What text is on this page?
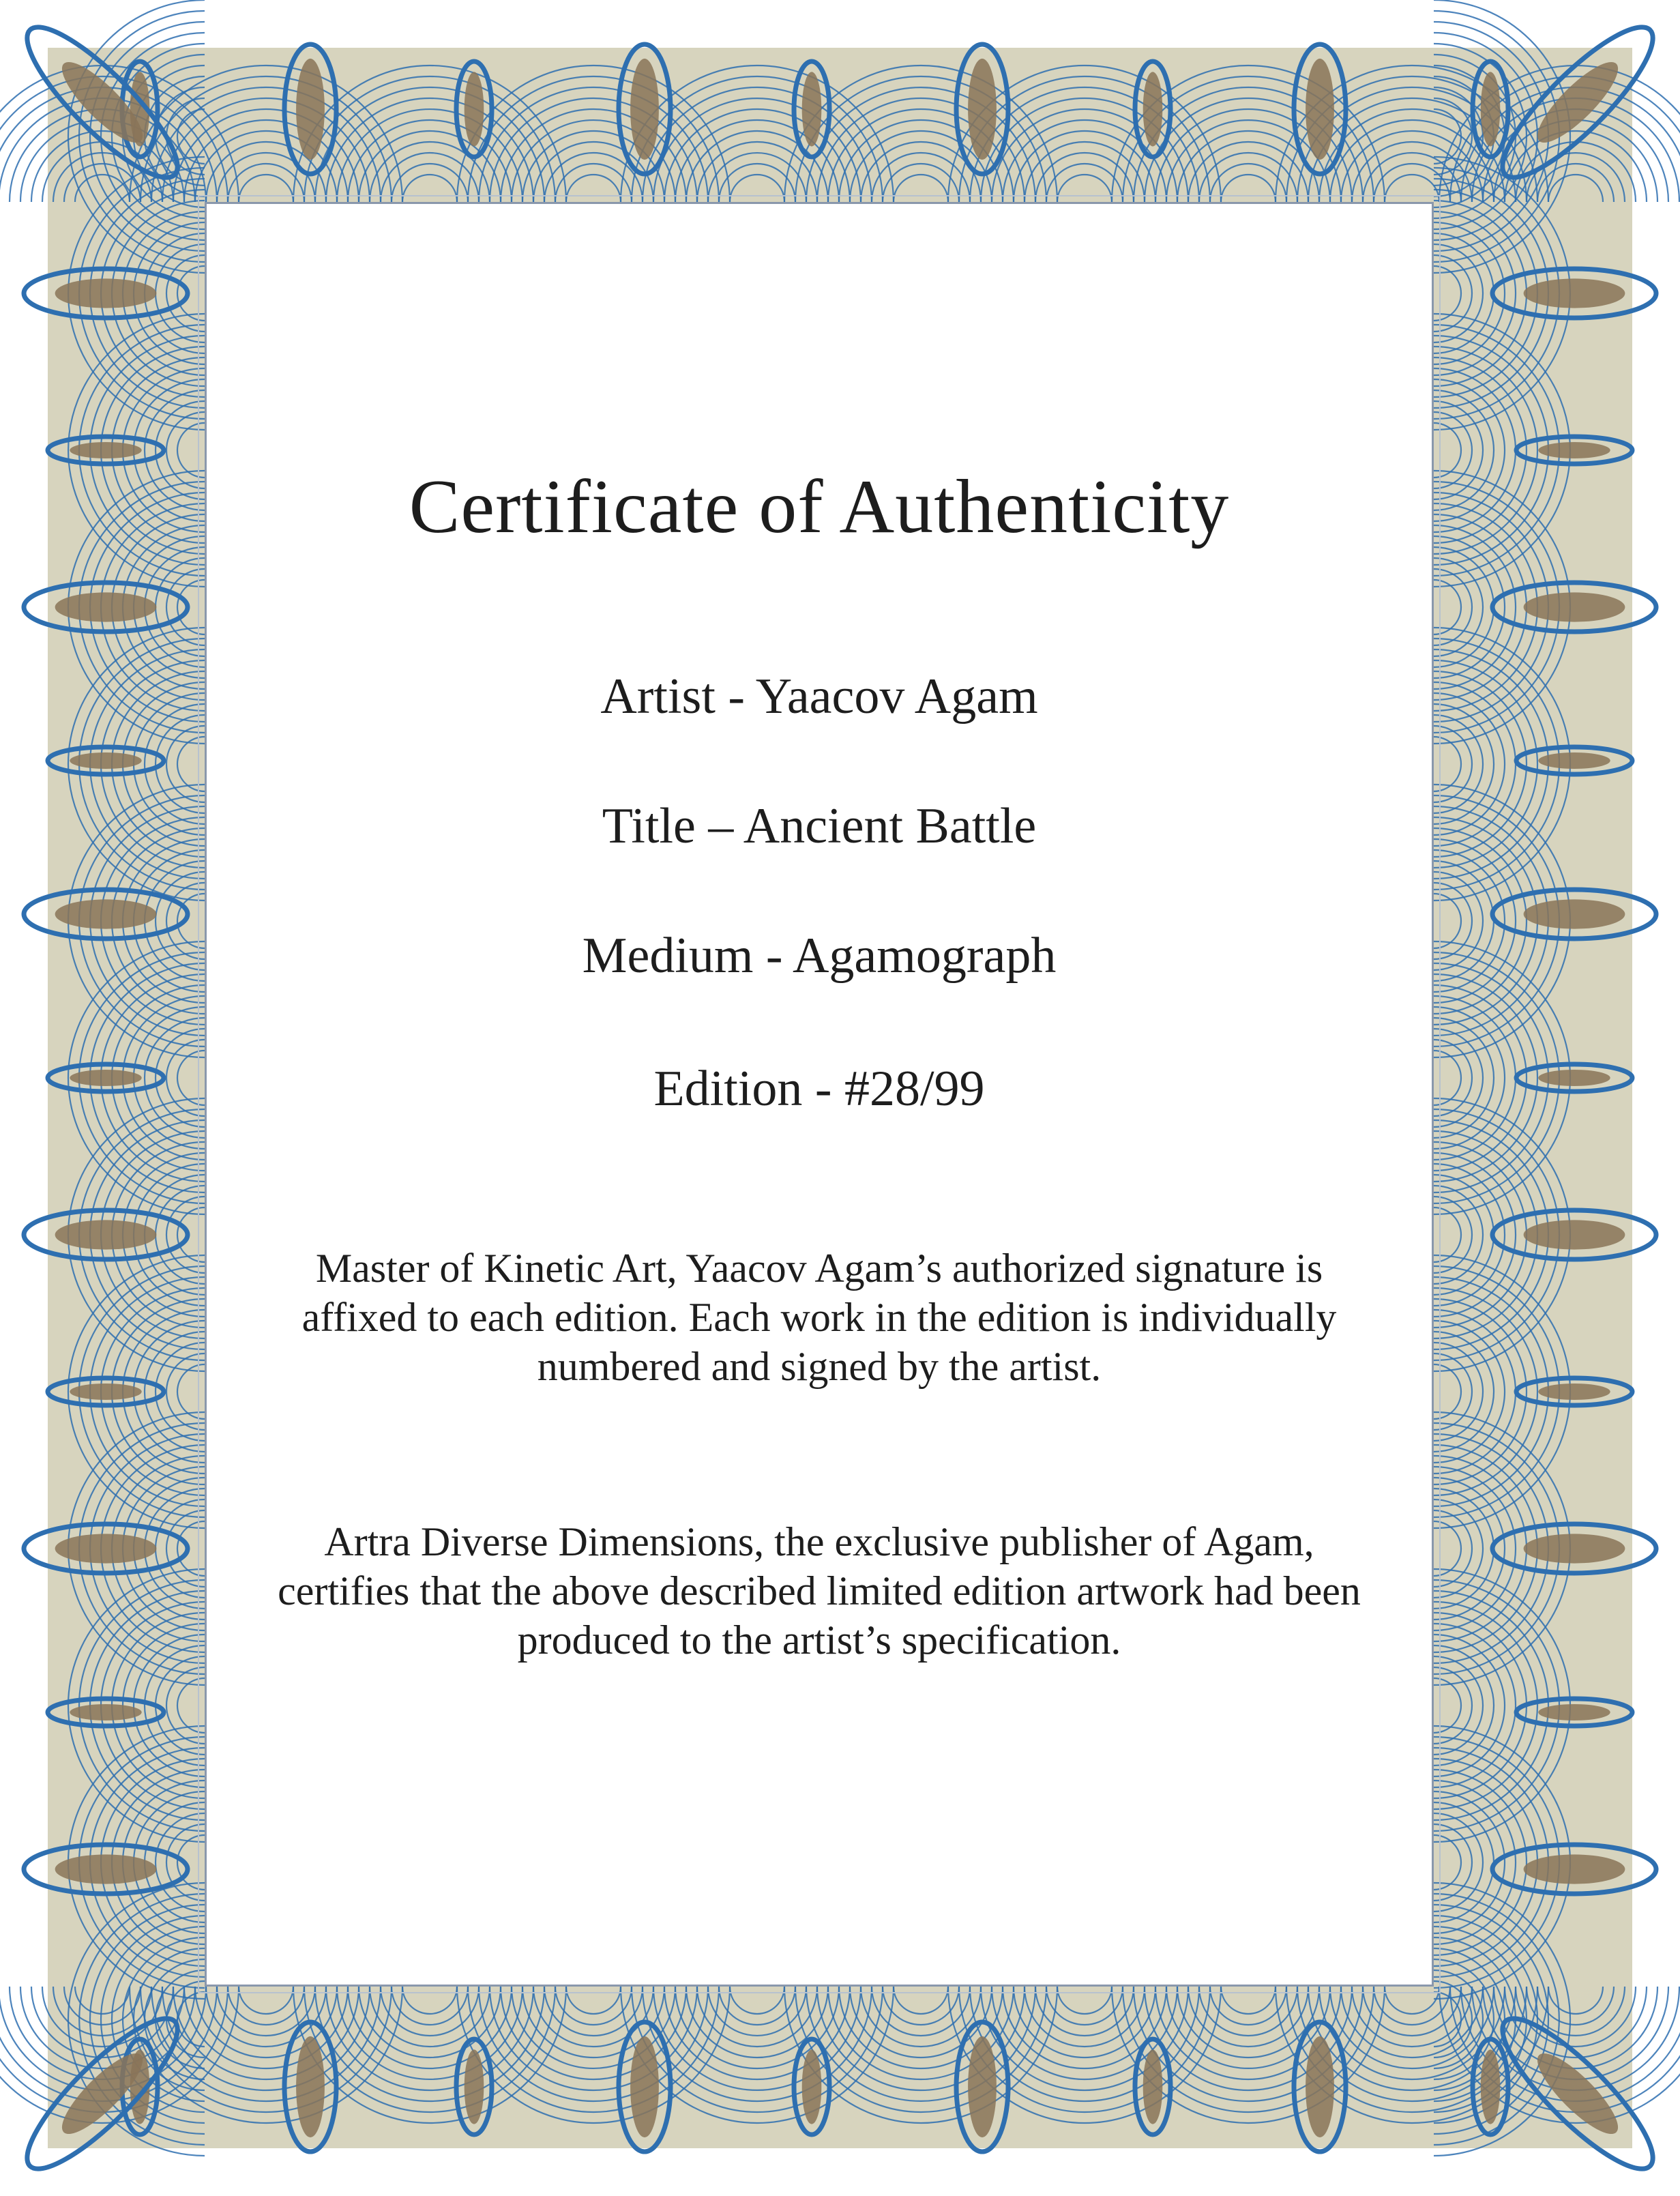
Certificate of Authenticity
Artist - Yaacov Agam
Title – Ancient Battle
Medium - Agamograph
Edition - #28/99
Master of Kinetic Art, Yaacov Agam’s authorized signature is
affixed to each edition. Each work in the edition is individually
numbered and signed by the artist.
Artra Diverse Dimensions, the exclusive publisher of Agam,
certifies that the above described limited edition artwork had been
produced to the artist’s specification.
